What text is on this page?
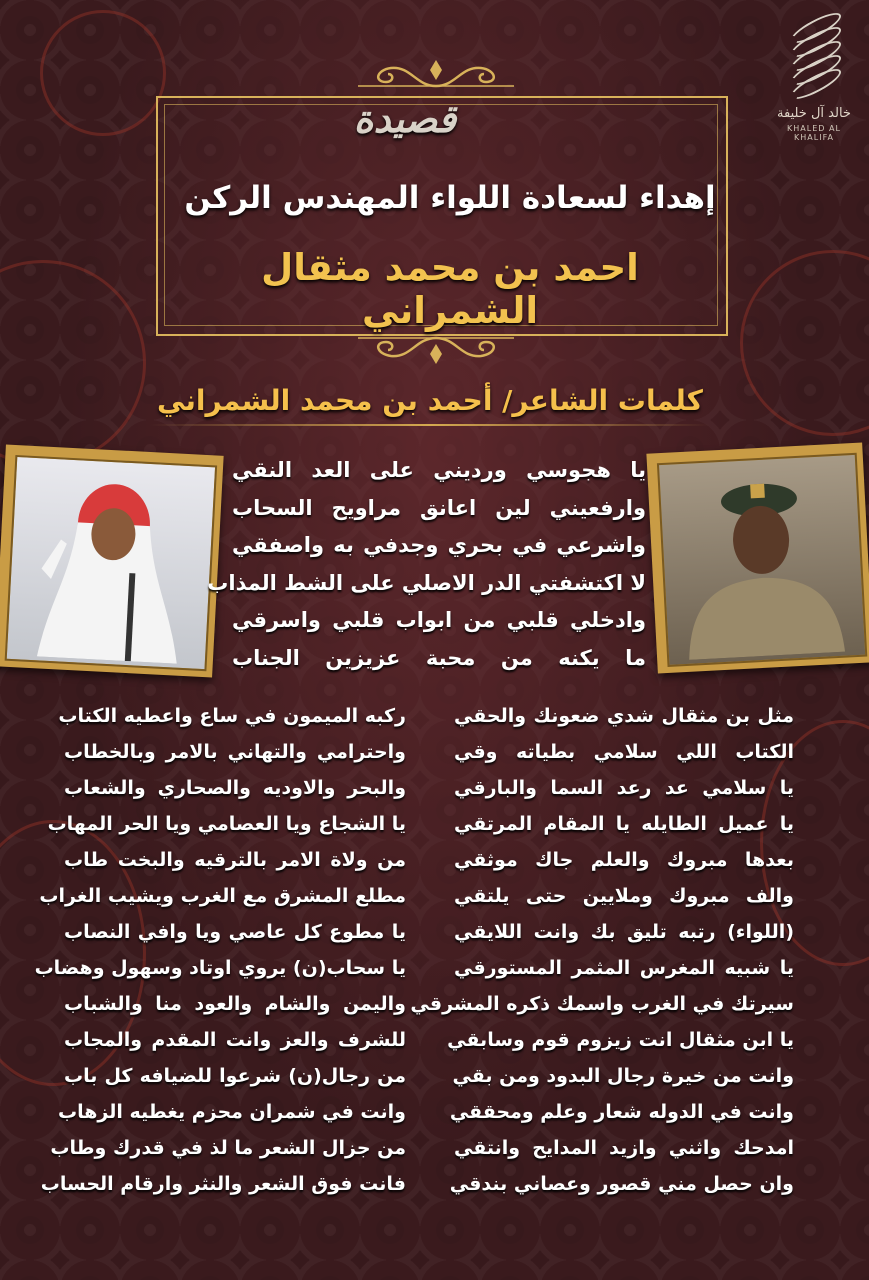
خالد آل خليفة
KHALED AL KHALIFA
قصيدة
إهداء لسعادة اللواء المهندس الركن
احمد بن محمد مثقال الشمراني
كلمات الشاعر/ أحمد بن محمد الشمراني
يا هجوسي ورديني على العد النقي
وارفعيني لين اعانق مراويح السحاب
واشرعي في بحري وجدفي به واصفقي
لا اكتشفتي الدر الاصلي على الشط المذاب
وادخلي قلبي من ابواب قلبي واسرقي
ما يكنه من محبة عزيزين الجناب
مثل بن مثقال شدي ضعونك والحقي
الكتاب اللي سلامي بطياته وقي
يا سلامي عد رعد السما والبارقي
يا عميل الطايله يا المقام المرتقي
بعدها مبروك والعلم جاك موثقي
والف مبروك وملايين حتى يلتقي
(اللواء) رتبه تليق بك وانت اللايقي
يا شبيه المغرس المثمر المستورقي
سيرتك في الغرب واسمك ذكره المشرقي
يا ابن مثقال انت زيزوم قوم وسابقي
وانت من خيرة رجال البدود ومن بقي
وانت في الدوله شعار وعلم ومحققي
امدحك واثني وازيد المدايح وانتقي
وان حصل مني قصور وعصاني بندقي
ركبه الميمون في ساع واعطيه الكتاب
واحترامي والتهاني بالامر وبالخطاب
والبحر والاوديه والصحاري والشعاب
يا الشجاع ويا العصامي ويا الحر المهاب
من ولاة الامر بالترقيه والبخت طاب
مطلع المشرق مع الغرب ويشيب الغراب
يا مطوع كل عاصي ويا وافي النصاب
يا سحاب(ن) يروي اوتاد وسهول وهضاب
واليمن والشام والعود منا والشباب
للشرف والعز وانت المقدم والمجاب
من رجال(ن) شرعوا للضيافه كل باب
وانت في شمران محزم يغطيه الزهاب
من جزال الشعر ما لذ في قدرك وطاب
فانت فوق الشعر والنثر وارقام الحساب
